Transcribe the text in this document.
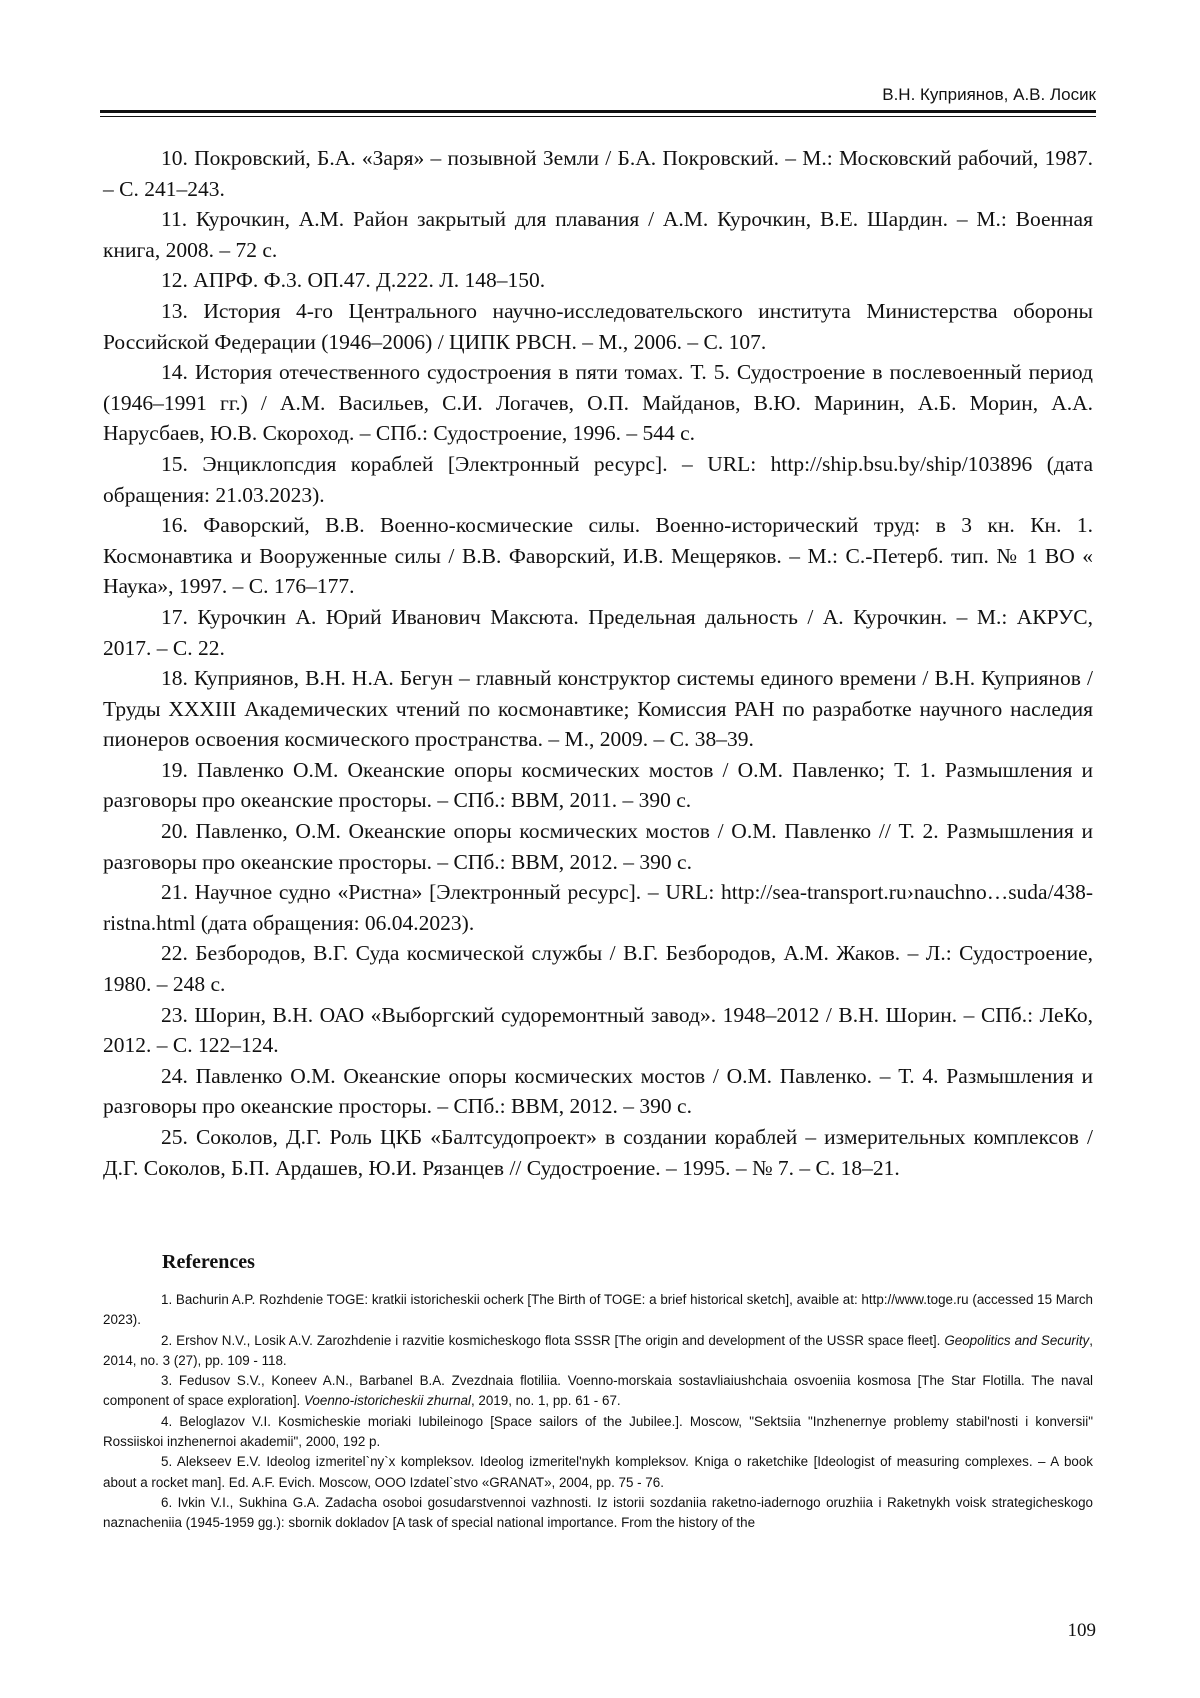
В.Н. Куприянов, А.В. Лосик

10. Покровский, Б.А. «Заря» – позывной Земли / Б.А. Покровский. – М.: Московский рабочий, 1987. – С. 241–243.

11. Курочкин, А.М. Район закрытый для плавания / А.М. Курочкин, В.Е. Шардин. – М.: Военная книга, 2008. – 72 с.

12. АПРФ. Ф.3. ОП.47. Д.222. Л. 148–150.

13. История 4-го Центрального научно-исследовательского института Министерства обороны Российской Федерации (1946–2006) / ЦИПК РВСН. – М., 2006. – С. 107.

14. История отечественного судостроения в пяти томах. Т. 5. Судостроение в послевоенный период (1946–1991 гг.) / А.М. Васильев, С.И. Логачев, О.П. Майданов, В.Ю. Маринин, А.Б. Морин, А.А. Нарусбаев, Ю.В. Скороход. – СПб.: Судостроение, 1996. – 544 с.

15. Энциклопсдия кораблей [Электронный ресурс]. – URL: http://ship.bsu.by/ship/103896 (дата обращения: 21.03.2023).

16. Фаворский, В.В. Военно-космические силы. Военно-исторический труд: в 3 кн. Кн. 1. Космонавтика и Вооруженные силы / В.В. Фаворский, И.В. Мещеряков. – М.: С.-Петерб. тип. № 1 ВО « Наука», 1997. – С. 176–177.

17. Курочкин А. Юрий Иванович Максюта. Предельная дальность / А. Курочкин. – М.: АКРУС, 2017. – С. 22.

18. Куприянов, В.Н. Н.А. Бегун – главный конструктор системы единого времени / В.Н. Куприянов / Труды XXXIII Академических чтений по космонавтике; Комиссия РАН по разработке научного наследия пионеров освоения космического пространства. – М., 2009. – С. 38–39.

19. Павленко О.М. Океанские опоры космических мостов / О.М. Павленко; Т. 1. Размышления и разговоры про океанские просторы. – СПб.: ВВМ, 2011. – 390 с.

20. Павленко, О.М. Океанские опоры космических мостов / О.М. Павленко // Т. 2. Размышления и разговоры про океанские просторы. – СПб.: ВВМ, 2012. – 390 с.

21. Научное судно «Ристна» [Электронный ресурс]. – URL: http://sea-transport.ru›nauchno…suda/438-ristna.html (дата обращения: 06.04.2023).

22. Безбородов, В.Г. Суда космической службы / В.Г. Безбородов, А.М. Жаков. – Л.: Судостроение, 1980. – 248 с.

23. Шорин, В.Н. ОАО «Выборгский судоремонтный завод». 1948–2012 / В.Н. Шорин. – СПб.: ЛеКо, 2012. – С. 122–124.

24. Павленко О.М. Океанские опоры космических мостов / О.М. Павленко. – Т. 4. Размышления и разговоры про океанские просторы. – СПб.: ВВМ, 2012. – 390 с.

25. Соколов, Д.Г. Роль ЦКБ «Балтсудопроект» в создании кораблей – измерительных комплексов / Д.Г. Соколов, Б.П. Ардашев, Ю.И. Рязанцев // Судостроение. – 1995. – № 7. – С. 18–21.

References

1. Bachurin A.P. Rozhdenie TOGE: kratkii istoricheskii ocherk [The Birth of TOGE: a brief historical sketch], avaible at: http://www.toge.ru (accessed 15 March 2023).

2. Ershov N.V., Losik A.V. Zarozhdenie i razvitie kosmicheskogo flota SSSR [The origin and development of the USSR space fleet]. Geopolitics and Security, 2014, no. 3 (27), pp. 109 - 118.

3. Fedusov S.V., Koneev A.N., Barbanel B.A. Zvezdnaia flotiliia. Voenno-morskaia sostavliaiushchaia osvoeniia kosmosa [The Star Flotilla. The naval component of space exploration]. Voenno-istoricheskii zhurnal, 2019, no. 1, pp. 61 - 67.

4. Beloglazov V.I. Kosmicheskie moriaki Iubileinogo [Space sailors of the Jubilee.]. Moscow, "Sektsiia "Inzhenernye problemy stabil'nosti i konversii" Rossiiskoi inzhenernoi akademii", 2000, 192 p.

5. Alekseev E.V. Ideolog izmeritel`ny`x kompleksov. Ideolog izmeritel'nykh kompleksov. Kniga o raketchike [Ideologist of measuring complexes. – A book about a rocket man]. Ed. A.F. Evich. Moscow, OOO Izdatel`stvo «GRANAT», 2004, pp. 75 - 76.

6. Ivkin V.I., Sukhina G.A. Zadacha osoboi gosudarstvennoi vazhnosti. Iz istorii sozdaniia raketno-iadernogo oruzhiia i Raketnykh voisk strategicheskogo naznacheniia (1945-1959 gg.): sbornik dokladov [A task of special national importance. From the history of the

109
